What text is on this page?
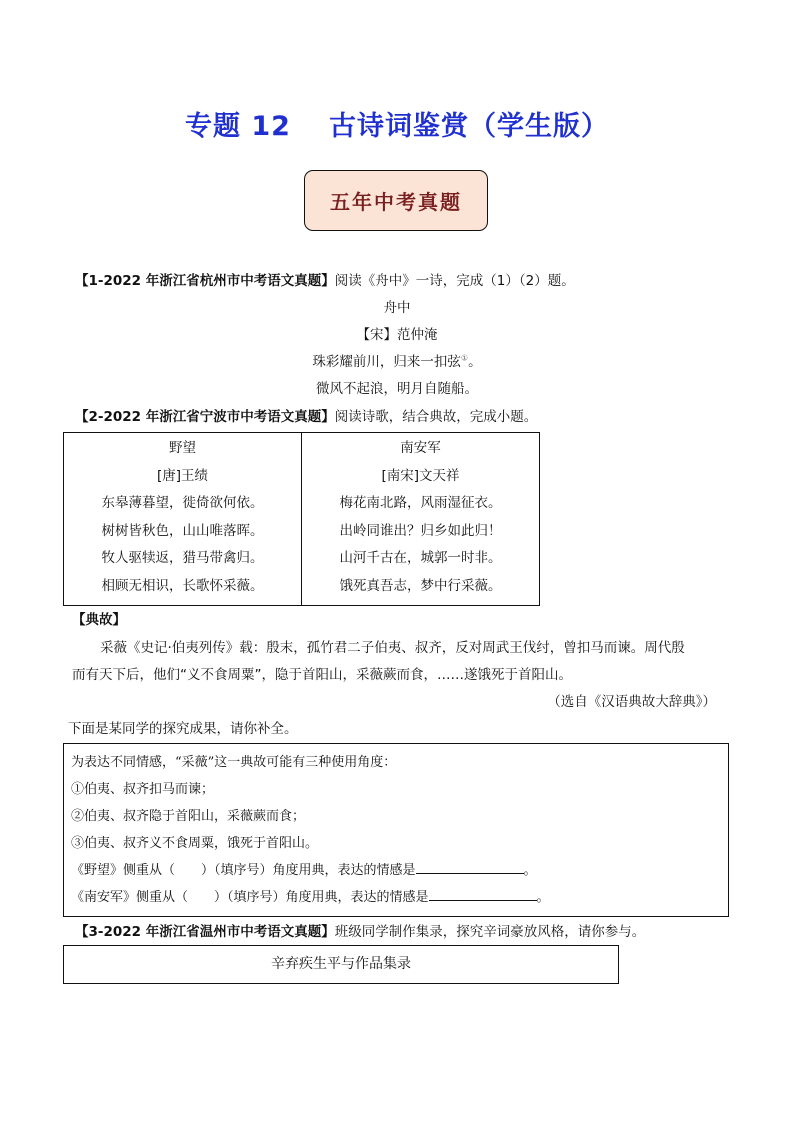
专题 12 古诗词鉴赏（学生版）
五年中考真题
【1-2022 年浙江省杭州市中考语文真题】阅读《舟中》一诗，完成（1）（2）题。
舟中
【宋】范仲淹
珠彩耀前川，归来一扣弦①。
微风不起浪，明月自随船。
【2-2022 年浙江省宁波市中考语文真题】阅读诗歌，结合典故，完成小题。
野望
[唐]王绩
东皋薄暮望，徙倚欲何依。
树树皆秋色，山山唯落晖。
牧人驱犊返，猎马带禽归。
相顾无相识，长歌怀采薇。
南安军
[南宋]文天祥
梅花南北路，风雨湿征衣。
出岭同谁出？归乡如此归！
山河千古在，城郭一时非。
饿死真吾志，梦中行采薇。
【典故】
采薇《史记·伯夷列传》载：殷末，孤竹君二子伯夷、叔齐，反对周武王伐纣，曾扣马而谏。周代殷
而有天下后，他们“义不食周粟”，隐于首阳山，采薇蕨而食，……遂饿死于首阳山。
（选自《汉语典故大辞典》）
下面是某同学的探究成果，请你补全。
为表达不同情感，“采薇”这一典故可能有三种使用角度：
①伯夷、叔齐扣马而谏；
②伯夷、叔齐隐于首阳山，采薇蕨而食；
③伯夷、叔齐义不食周粟，饿死于首阳山。
《野望》侧重从（　　）（填序号）角度用典，表达的情感是	。
《南安军》侧重从（　　）（填序号）角度用典，表达的情感是	。
【3-2022 年浙江省温州市中考语文真题】班级同学制作集录，探究辛词豪放风格，请你参与。
辛弃疾生平与作品集录
